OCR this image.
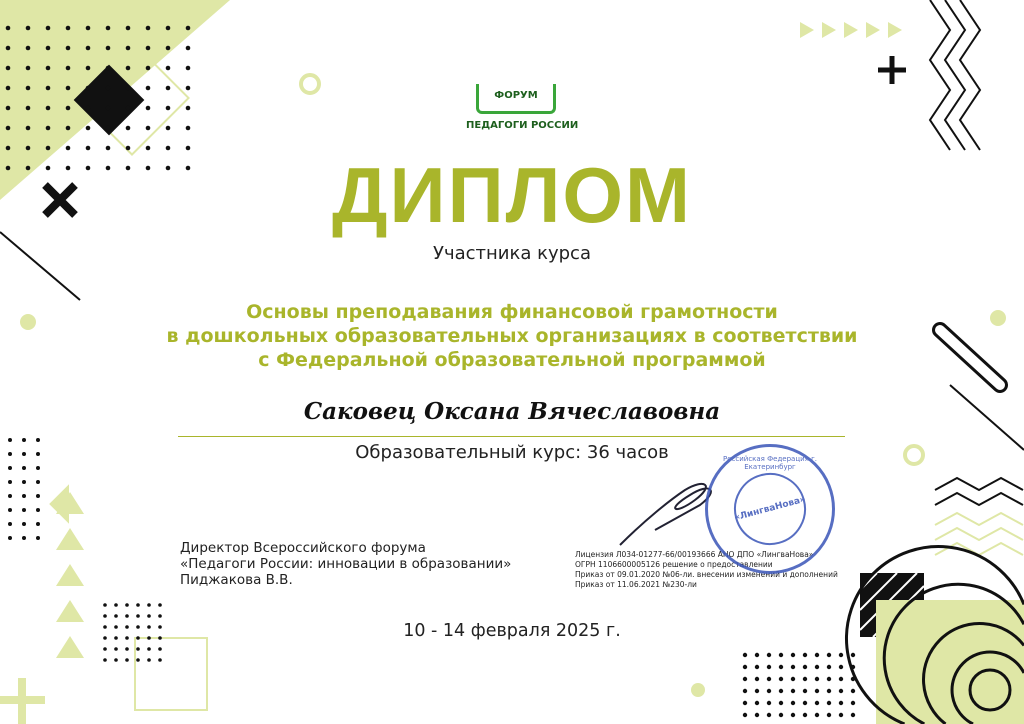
ФОРУМ
ПЕДАГОГИ РОССИИ
ДИПЛОМ
Участника курса
Основы преподавания финансовой грамотности
в дошкольных образовательных организациях в соответствии
с Федеральной образовательной программой
Саковец Оксана Вячеславовна
Образовательный курс: 36 часов
Директор Всероссийского форума
«Педагоги России: инновации в образовании»
Пиджакова В.В.
Лицензия Л034-01277-66/00193666 АНО ДПО «ЛингваНова»
ОГРН 1106600005126 решение о предоставлении
Приказ от 09.01.2020 №06-ли. внесении изменений и дополнений
Приказ от 11.06.2021 №230-ли
Российская Федерация г. Екатеринбург
«ЛингваНова»
10 - 14 февраля 2025 г.
